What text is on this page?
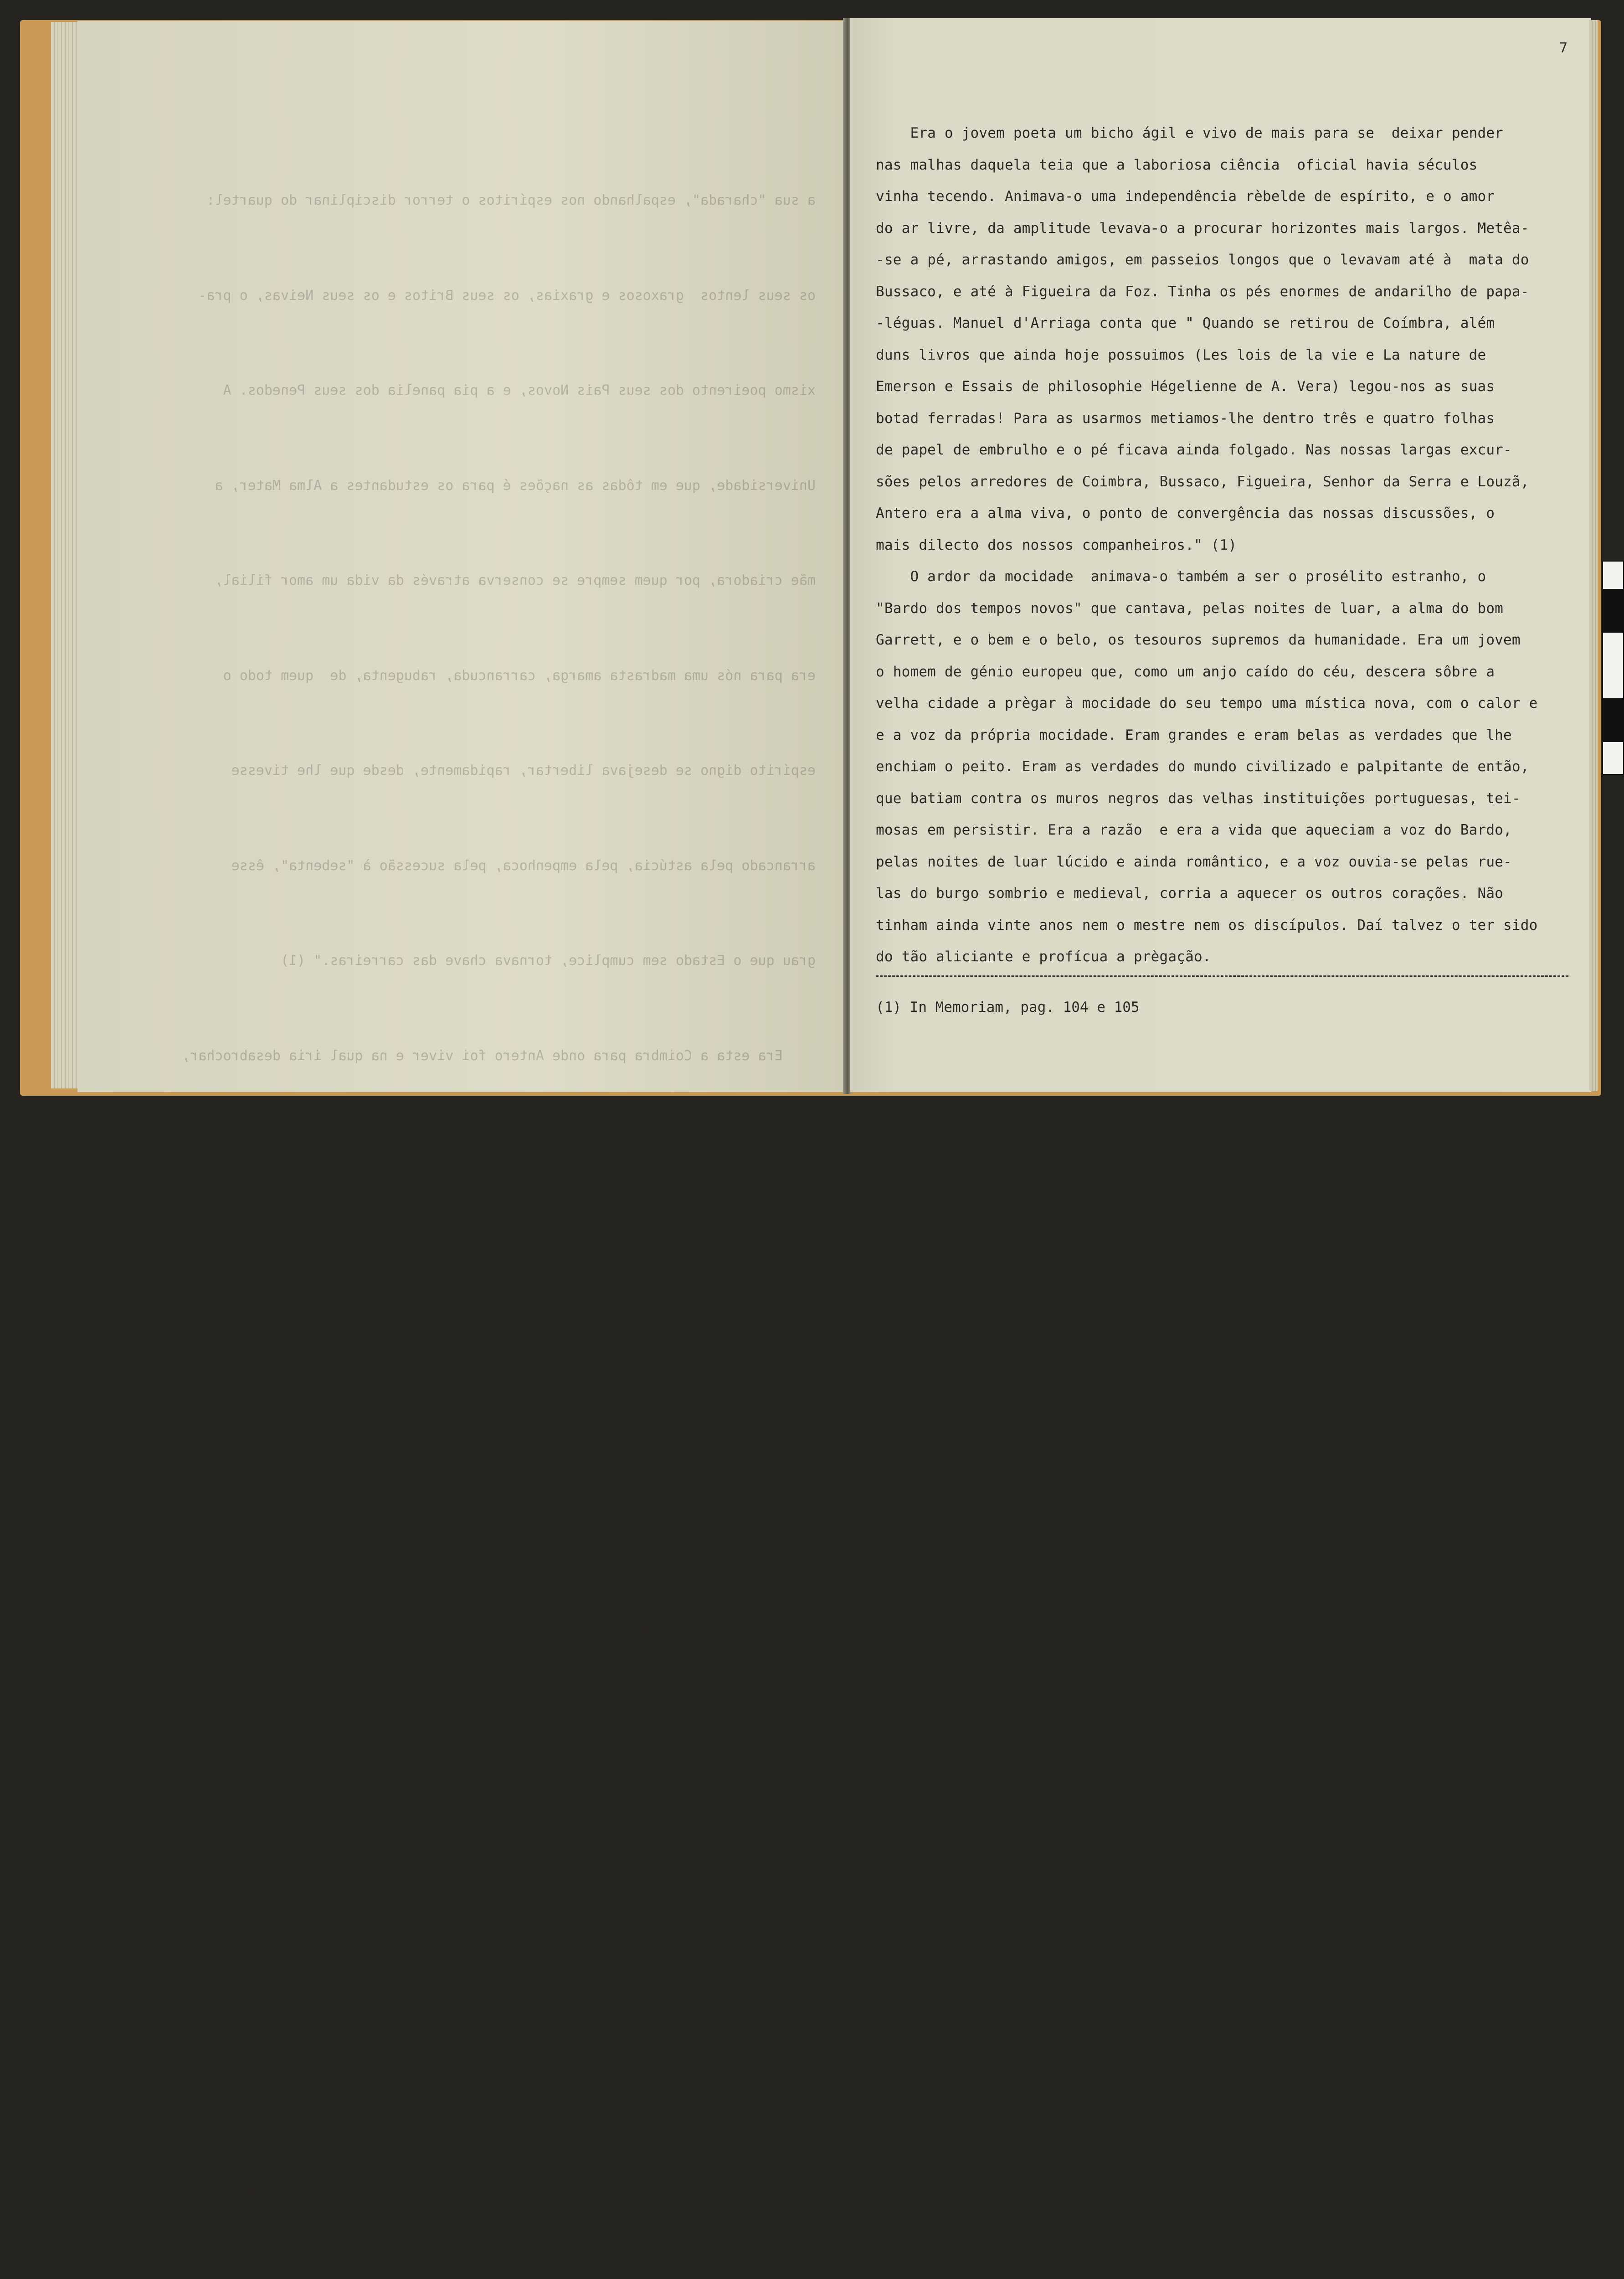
a sua "charada", espalhando nos espíritos o terror disciplinar do quartel:

os seus lentos  graxosos e graxias, os seus Britos e os seus Neivas, o pra-

xismo poeirento dos seus Pais Novos, e a pia panelia dos seus Penedos. A

Universidade, que em tôdas as nações é para os estudantes a Alma Mater, a

mãe criadora, por quem sempre se conserva através da vida um amor filial,

era para nós uma madrasta amarga, carrancuda, rabugenta, de  quem todo o

espírito digno se desejava libertar, rapidamente, desde que lhe tivesse

arrancado pela astúcia, pela empenhoca, pela sucessão à "sebenta", êsse

grau que o Estado sem cumplice, tornava chave das carreiras." (1)

Era esta a Coimbra para onde Antero foi viver e na qual iria desabrochar,

por contradição, a formosa luta pela conquista do pensamento moderno de que

êle seria  o  grão-capitão. Nesse ambiente animado pelo espírito de rebeldia,

nasceram o poeta, o polemista, o político e se fêz o homem. Ali iria encontrar

nos seus companheiros de luta, grande parte dos homens que seriam pela vida

fora os seus amigos - entre outros:Eça de Queiroz, Alberto Sampaio, Germano

Meireles, Luiz de Magalhães, Manuel d'Arriaga, João de Deus, Santos Valente,

José Falcão, Guerra Junqueiro, Anselmo de Andrade.

Os trabalhos universitários não lhe ocuparam muito o espírito. A atenção

e a inteligência trazia-as presas noutros interêsses, bem mais vivos e actuais.

Dizia mais tarde: "Cursei, entre 1858 e 1864 a Universidade de Coimbra, sen-

do por ela bacharel em Direito. Confesso, porém, que não foi o estudo do

Direito que me interessou e absorveu durante aqueles anos, tendo aliás o

7
Era o jovem poeta um bicho ágil e vivo de mais para se  deixar pender
nas malhas daquela teia que a laboriosa ciência  oficial havia séculos
vinha tecendo. Animava-o uma independência rèbelde de espírito, e o amor
do ar livre, da amplitude levava-o a procurar horizontes mais largos. Metêa-
-se a pé, arrastando amigos, em passeios longos que o levavam até à  mata do
Bussaco, e até à Figueira da Foz. Tinha os pés enormes de andarilho de papa-
-léguas. Manuel d'Arriaga conta que " Quando se retirou de Coímbra, além
duns livros que ainda hoje possuimos (Les lois de la vie e La nature de
Emerson e Essais de philosophie Hégelienne de A. Vera) legou-nos as suas
botad ferradas! Para as usarmos metiamos-lhe dentro três e quatro folhas
de papel de embrulho e o pé ficava ainda folgado. Nas nossas largas excur-
sões pelos arredores de Coimbra, Bussaco, Figueira, Senhor da Serra e Louzã,
Antero era a alma viva, o ponto de convergência das nossas discussões, o
mais dilecto dos nossos companheiros." (1)
O ardor da mocidade  animava-o também a ser o prosélito estranho, o
"Bardo dos tempos novos" que cantava, pelas noites de luar, a alma do bom
Garrett, e o bem e o belo, os tesouros supremos da humanidade. Era um jovem
o homem de génio europeu que, como um anjo caído do céu, descera sôbre a
velha cidade a prègar à mocidade do seu tempo uma mística nova, com o calor e
e a voz da própria mocidade. Eram grandes e eram belas as verdades que lhe
enchiam o peito. Eram as verdades do mundo civilizado e palpitante de então,
que batiam contra os muros negros das velhas instituições portuguesas, tei-
mosas em persistir. Era a razão  e era a vida que aqueciam a voz do Bardo,
pelas noites de luar lúcido e ainda romântico, e a voz ouvia-se pelas rue-
las do burgo sombrio e medieval, corria a aquecer os outros corações. Não
tinham ainda vinte anos nem o mestre nem os discípulos. Daí talvez o ter sido
do tão aliciante e profícua a prègação.
(1) In Memoriam, pag. 104 e 105
